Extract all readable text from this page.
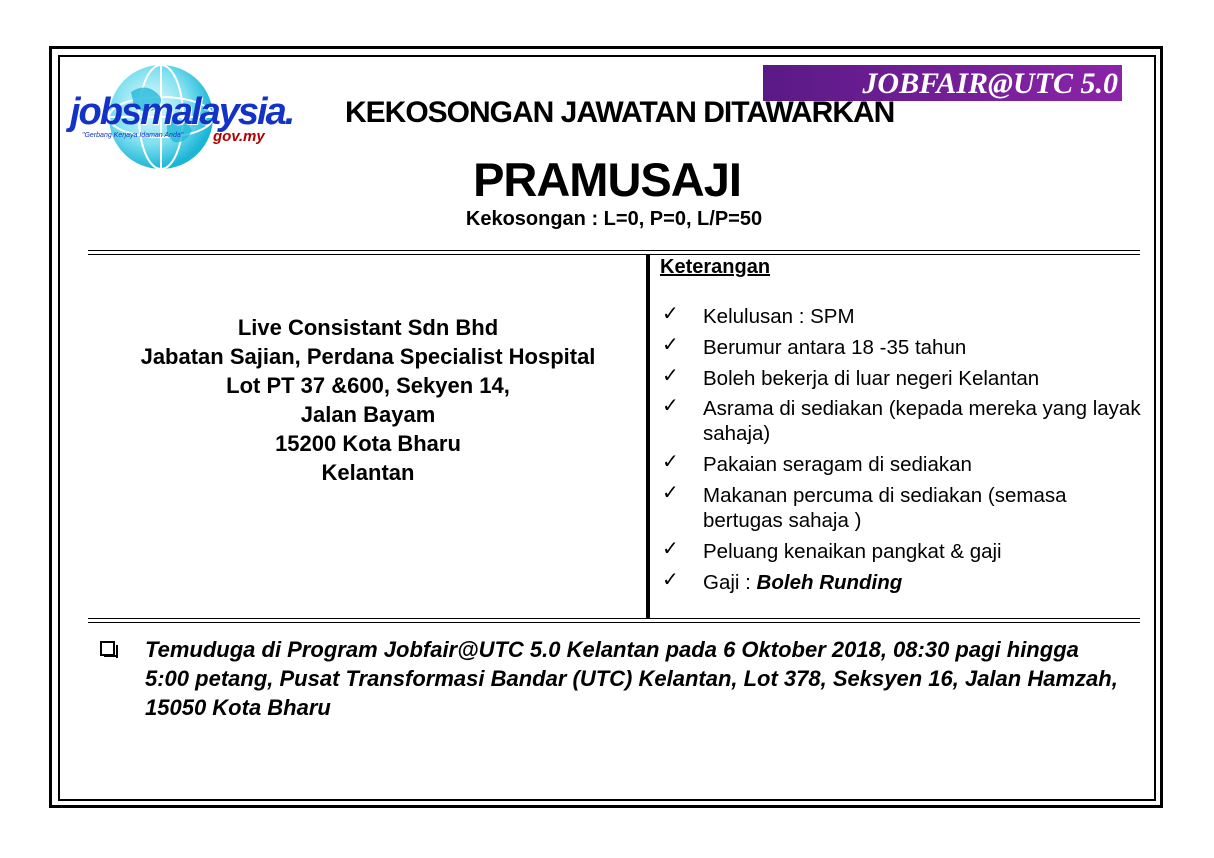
jobsmalaysia.
"Gerbang Kerjaya Idaman Anda" gov.my
JOBFAIR@UTC 5.0
KEKOSONGAN JAWATAN DITAWARKAN
PRAMUSAJI
Kekosongan : L=0, P=0, L/P=50
Live Consistant Sdn Bhd
Jabatan Sajian, Perdana Specialist Hospital
Lot PT 37 &600, Sekyen 14,
Jalan Bayam
15200 Kota Bharu
Kelantan
Keterangan
✓ Kelulusan : SPM
✓ Berumur antara 18 -35 tahun
✓ Boleh bekerja di luar negeri Kelantan
✓ Asrama di sediakan (kepada mereka yang layak sahaja)
✓ Pakaian seragam di sediakan
✓ Makanan percuma di sediakan (semasa bertugas sahaja )
✓ Peluang kenaikan pangkat & gaji
✓ Gaji : Boleh Runding
Temuduga di Program Jobfair@UTC 5.0 Kelantan pada 6 Oktober 2018, 08:30 pagi hingga 5:00 petang, Pusat Transformasi Bandar (UTC) Kelantan, Lot 378, Seksyen 16, Jalan Hamzah, 15050 Kota Bharu
